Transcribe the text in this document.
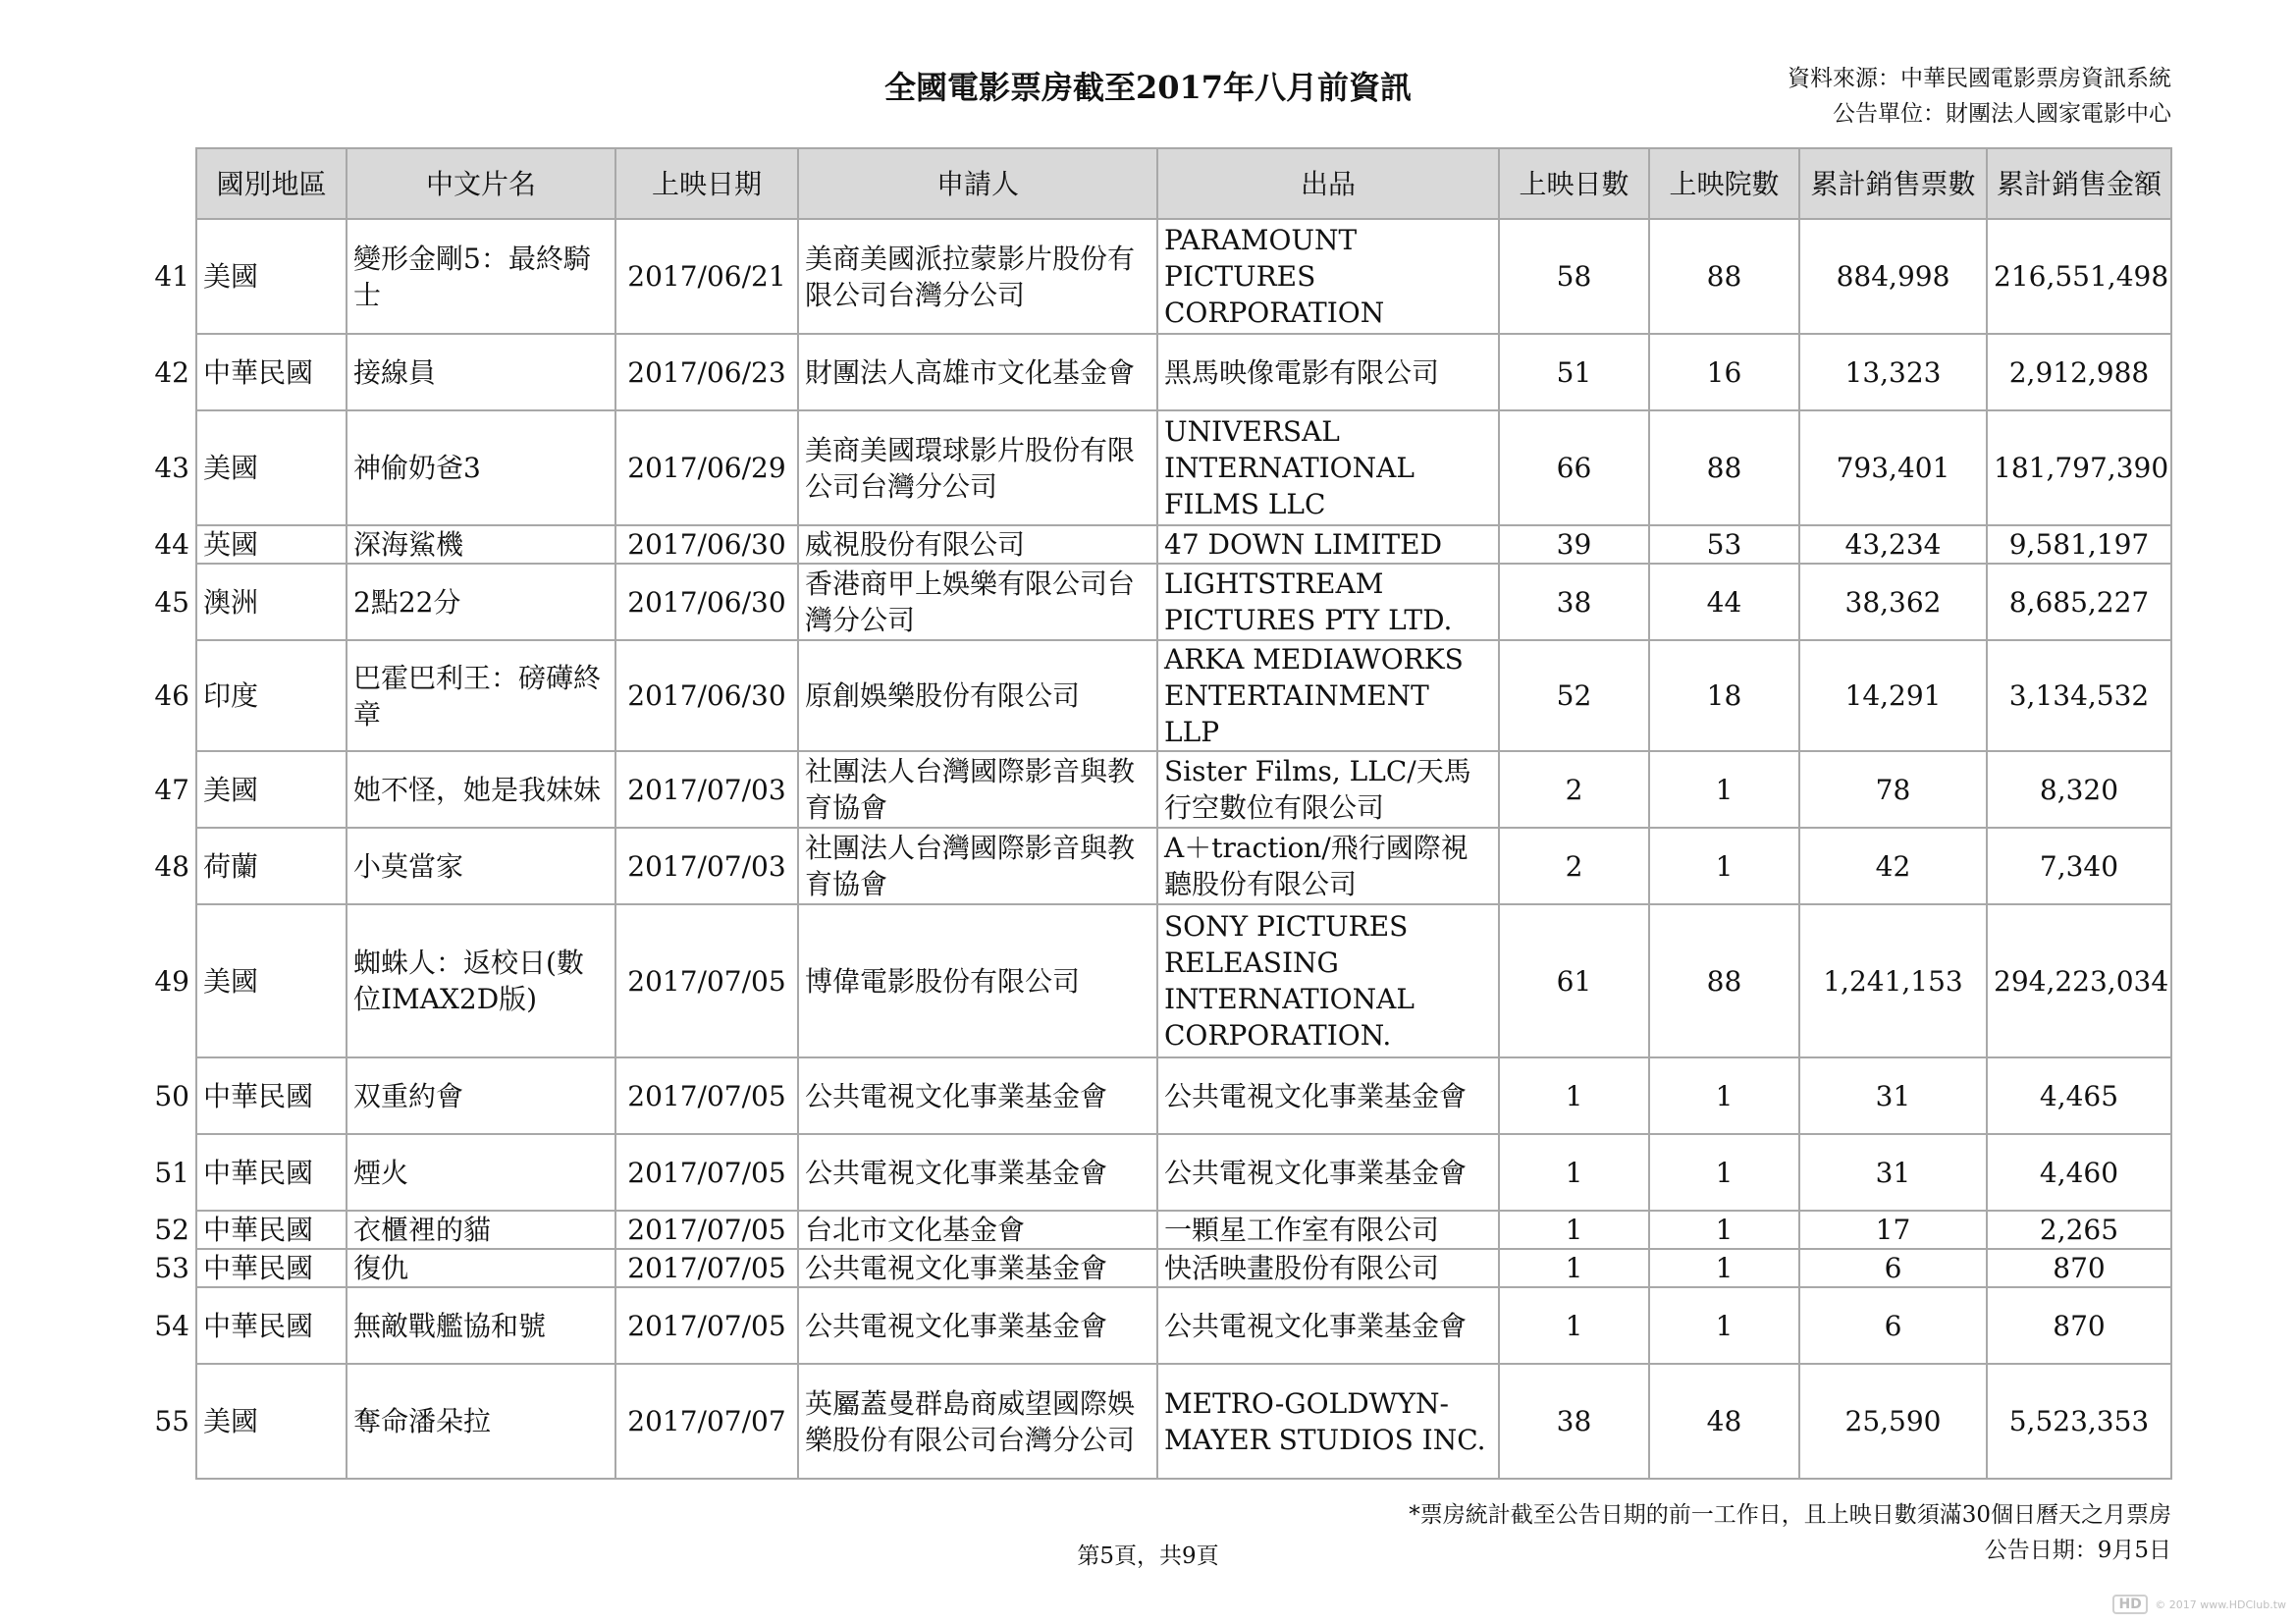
全國電影票房截至2017年八月前資訊	資料來源：中華民國電影票房資訊系統
公告單位：財團法人國家電影中心
	國別地區	中文片名	上映日期	申請人	出品	上映日數	上映院數	累計銷售票數	累計銷售金額
41	美國	變形金剛5：最終騎士	2017/06/21	美商美國派拉蒙影片股份有限公司台灣分公司	PARAMOUNT PICTURES CORPORATION	58	88	884,998	216,551,498
42	中華民國	接線員	2017/06/23	財團法人高雄市文化基金會	黑馬映像電影有限公司	51	16	13,323	2,912,988
43	美國	神偷奶爸3	2017/06/29	美商美國環球影片股份有限公司台灣分公司	UNIVERSAL INTERNATIONAL FILMS LLC	66	88	793,401	181,797,390
44	英國	深海鯊機	2017/06/30	威視股份有限公司	47 DOWN LIMITED	39	53	43,234	9,581,197
45	澳洲	2點22分	2017/06/30	香港商甲上娛樂有限公司台灣分公司	LIGHTSTREAM PICTURES PTY LTD.	38	44	38,362	8,685,227
46	印度	巴霍巴利王：磅礡終章	2017/06/30	原創娛樂股份有限公司	ARKA MEDIAWORKS ENTERTAINMENT LLP	52	18	14,291	3,134,532
47	美國	她不怪，她是我妹妹	2017/07/03	社團法人台灣國際影音與教育協會	Sister Films, LLC/天馬行空數位有限公司	2	1	78	8,320
48	荷蘭	小莫當家	2017/07/03	社團法人台灣國際影音與教育協會	A＋traction/飛行國際視聽股份有限公司	2	1	42	7,340
49	美國	蜘蛛人：返校日(數位IMAX2D版)	2017/07/05	博偉電影股份有限公司	SONY PICTURES RELEASING INTERNATIONAL CORPORATION.	61	88	1,241,153	294,223,034
50	中華民國	双重約會	2017/07/05	公共電視文化事業基金會	公共電視文化事業基金會	1	1	31	4,465
51	中華民國	煙火	2017/07/05	公共電視文化事業基金會	公共電視文化事業基金會	1	1	31	4,460
52	中華民國	衣櫃裡的貓	2017/07/05	台北市文化基金會	一顆星工作室有限公司	1	1	17	2,265
53	中華民國	復仇	2017/07/05	公共電視文化事業基金會	快活映畫股份有限公司	1	1	6	870
54	中華民國	無敵戰艦協和號	2017/07/05	公共電視文化事業基金會	公共電視文化事業基金會	1	1	6	870
55	美國	奪命潘朵拉	2017/07/07	英屬蓋曼群島商威望國際娛樂股份有限公司台灣分公司	METRO-GOLDWYN-MAYER STUDIOS INC.	38	48	25,590	5,523,353
*票房統計截至公告日期的前一工作日，且上映日數須滿30個日曆天之月票房
公告日期：9月5日
第5頁，共9頁
HD © 2017 www.HDClub.tw
